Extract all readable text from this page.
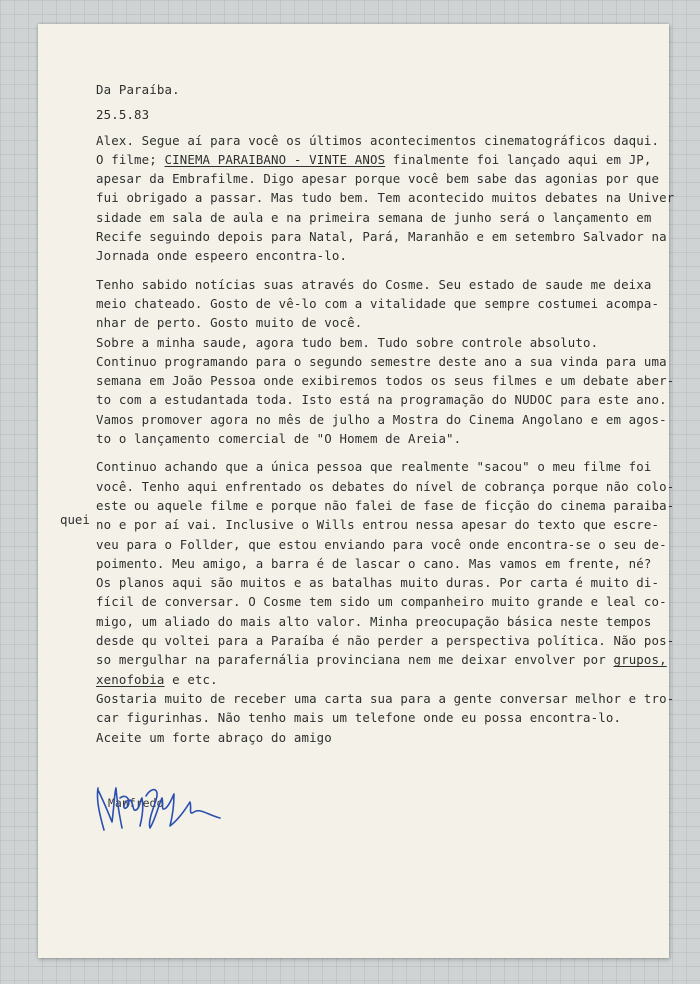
quei
Da Paraíba.
25.5.83
Alex. Segue aí para você os últimos acontecimentos cinematográficos daqui.
O filme; CINEMA PARAIBANO - VINTE ANOS finalmente foi lançado aqui em JP,
apesar da Embrafilme. Digo apesar porque você bem sabe das agonias por que
fui obrigado a passar. Mas tudo bem. Tem acontecido muitos debates na Univer
sidade em sala de aula e na primeira semana de junho será o lançamento em
Recife seguindo depois para Natal, Pará, Maranhão e em setembro Salvador na
Jornada onde espeero encontra-lo.
Tenho sabido notícias suas através do Cosme. Seu estado de saude me deixa
meio chateado. Gosto de vê-lo com a vitalidade que sempre costumei acompa-
nhar de perto. Gosto muito de você.
Sobre a minha saude, agora tudo bem. Tudo sobre controle absoluto.
Continuo programando para o segundo semestre deste ano a sua vinda para uma
semana em João Pessoa onde exibiremos todos os seus filmes e um debate aber-
to com a estudantada toda. Isto está na programação do NUDOC para este ano.
Vamos promover agora no mês de julho a Mostra do Cinema Angolano e em agos-
to o lançamento comercial de "O Homem de Areia".
Continuo achando que a única pessoa que realmente "sacou" o meu filme foi
você. Tenho aqui enfrentado os debates do nível de cobrança porque não colo-
este ou aquele filme e porque não falei de fase de ficção do cinema paraiba-
no e por aí vai. Inclusive o Wills entrou nessa apesar do texto que escre-
veu para o Follder, que estou enviando para você onde encontra-se o seu de-
poimento. Meu amigo, a barra é de lascar o cano. Mas vamos em frente, né?
Os planos aqui são muitos e as batalhas muito duras. Por carta é muito di-
fícil de conversar. O Cosme tem sido um companheiro muito grande e leal co-
migo, um aliado do mais alto valor. Minha preocupação básica neste tempos
desde qu voltei para a Paraíba é não perder a perspectiva política. Não pos-
so mergulhar na parafernália provinciana nem me deixar envolver por grupos,
xenofobia e etc.
Gostaria muito de receber uma carta sua para a gente conversar melhor e tro-
car figurinhas. Não tenho mais um telefone onde eu possa encontra-lo.
Aceite um forte abraço do amigo
Manfredo
